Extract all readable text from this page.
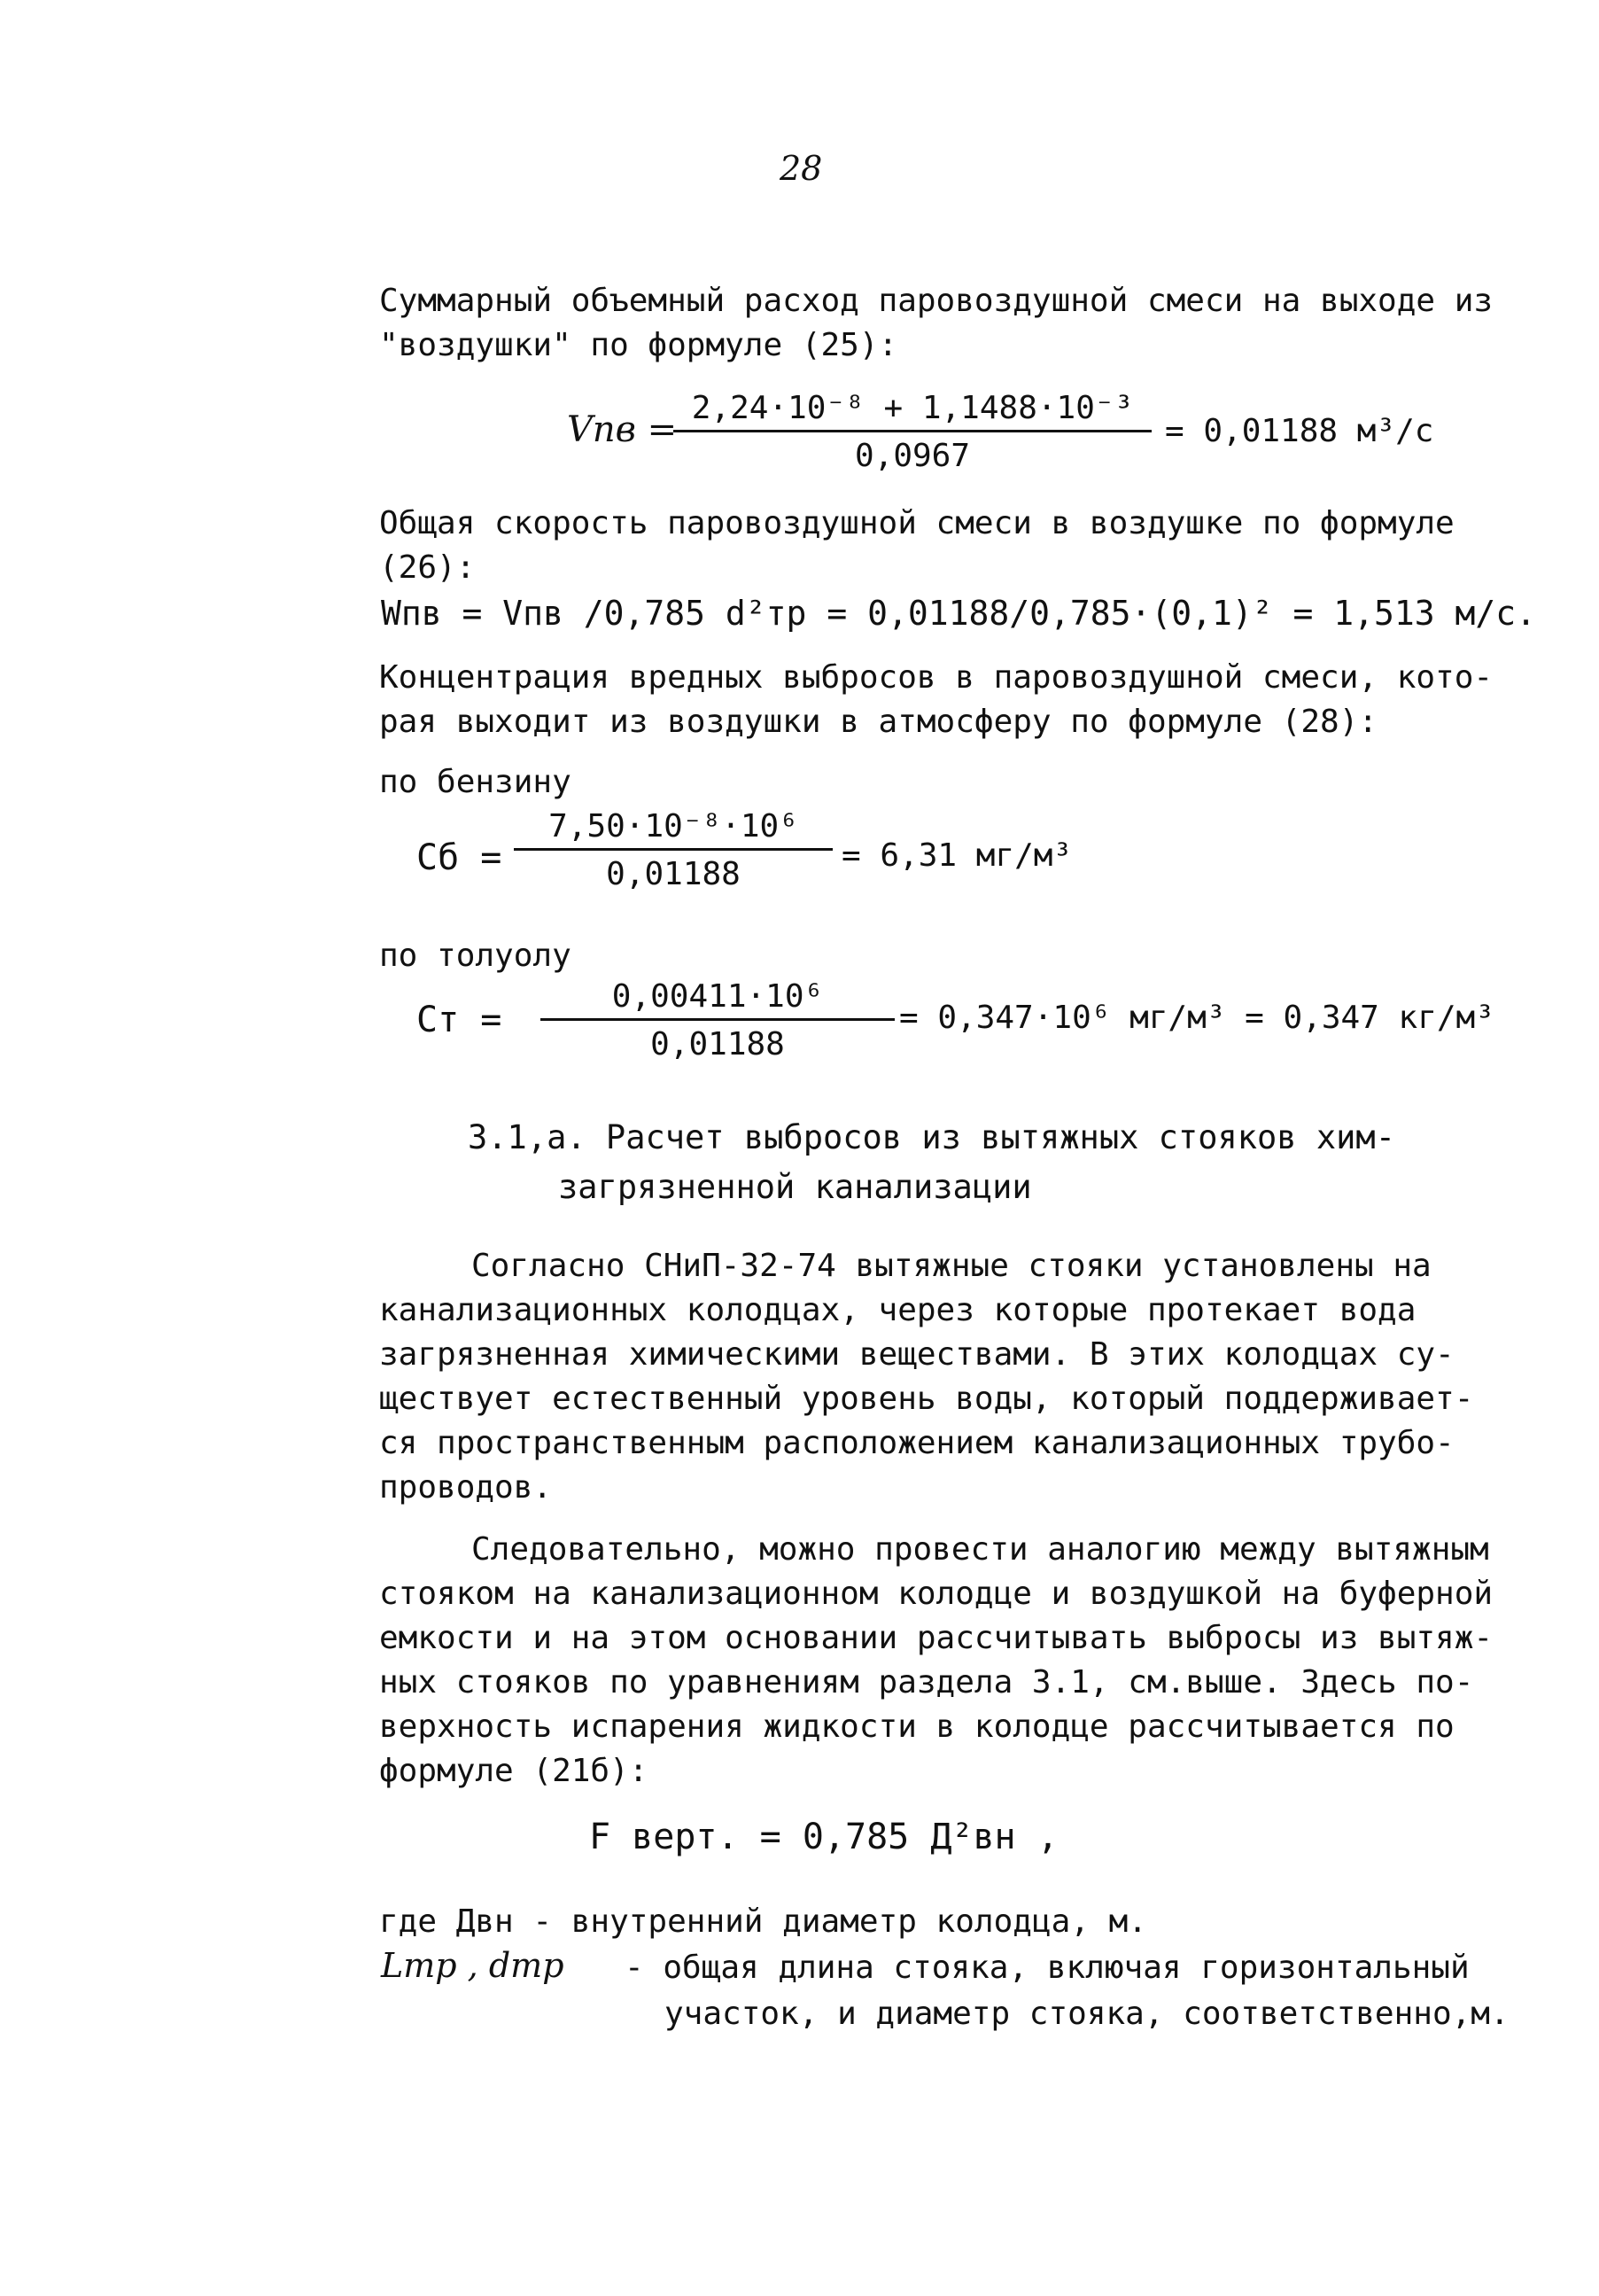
28
Суммарный объемный расход паровоздушной смеси на выходе из
"воздушки" по формуле (25):
Vпв =
$\frac{\text{2,24·10⁻⁸ + 1,1488·10⁻³}}{0,0967} = 0,01188$ м³/с
Общая скорость паровоздушной смеси в воздушке по формуле
(26):
Wпв = Vпв /0,785 d²тр = 0,01188/0,785·(0,1)² = 1,513 м/с.
Концентрация вредных выбросов в паровоздушной смеси, кото-
рая выходит из воздушки в атмосферу по формуле (28):
по бензину
Cб = $\frac{\text{7,50·10⁻⁸·10⁶}}{0,01188} = 6,31$ мг/м³
по толуолу
Cт = $\frac{\text{0,00411·10⁶}}{0,01188} = 0,347\cdot 10^6$ мг/м³ = 0,347 кг/м³
3.1,а. Расчет выбросов из вытяжных стояков хим-
загрязненной канализации
Согласно СНиП-32-74 вытяжные стояки установлены на
канализационных колодцах, через которые протекает вода
загрязненная химическими веществами. В этих колодцах су-
ществует естественный уровень воды, который поддерживает-
ся пространственным расположением канализационных трубо-
проводов.
Следовательно, можно провести аналогию между вытяжным
стояком на канализационном колодце и воздушкой на буферной
емкости и на этом основании рассчитывать выбросы из вытяж-
ных стояков по уравнениям раздела 3.1, см.выше. Здесь по-
верхность испарения жидкости в колодце рассчитывается по
формуле (21б):
F верт. = 0,785 Д²вн ,
где Двн - внутренний диаметр колодца, м.
Lтр , dтр - общая длина стояка, включая горизонтальный
участок, и диаметр стояка, соответственно,м.
